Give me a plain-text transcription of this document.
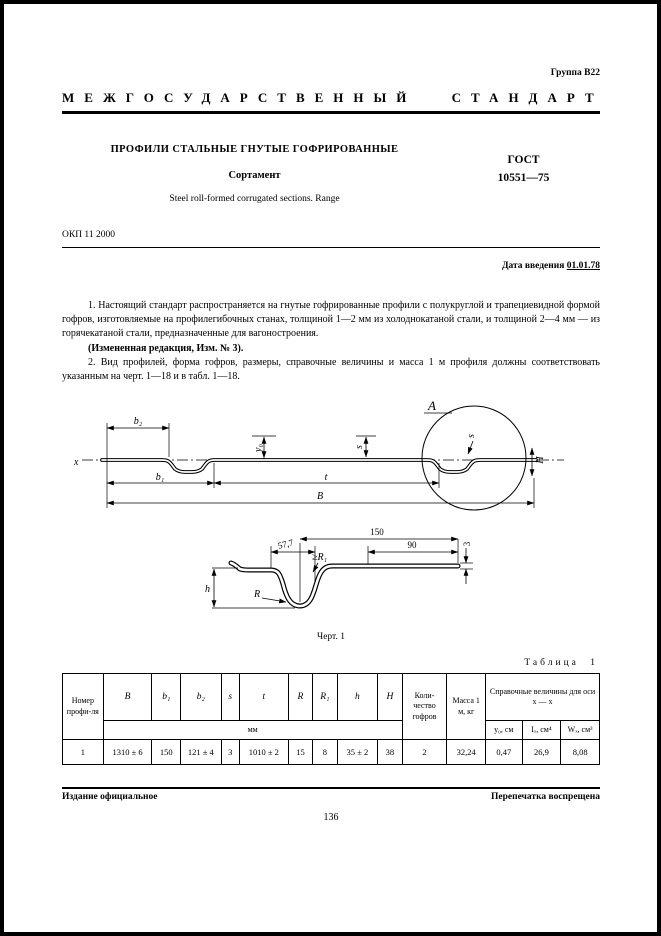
Группа В22
МЕЖГОСУДАРСТВЕННЫЙ СТАНДАРТ
ПРОФИЛИ СТАЛЬНЫЕ ГНУТЫЕ ГОФРИРОВАННЫЕ
Сортамент
Steel roll-formed corrugated sections. Range
ГОСТ
10551—75
ОКП 11 2000
Дата введения 01.01.78

1. Настоящий стандарт распространяется на гнутые гофрированные профили с полукруглой и трапециевидной формой гофров, изготовляемые на профилегибочных станах, толщиной 1—2 мм из холоднокатаной стали, и толщиной 2—4 мм — из горячекатаной стали, предназначенные для вагоностроения.

(Измененная редакция, Изм. № 3).

2. Вид профилей, форма гофров, размеры, справочные величины и масса 1 м профиля должны соответствовать указанным на черт. 1—18 и в табл. 1—18.

x
b₂
y₀	s
b₁	t
B
H
s
A
h
150
57,7	90	3
R
≥R₁
Черт. 1
Таблица 1
Номер профи-ля	B	b₁	b₂	s	t	R	R₁	h	H	Коли-чество гофров	Масса 1 м, кг	Справочные величины для оси x — x		
	мм											y₀, см	Iₓ, см⁴	Wₓ, см³
1	1310 ± 6	150	121 ± 4	3	1010 ± 2	15	8	35 ± 2	38	2	32,24	0,47	26,9	8,08
Издание официальное	Перепечатка воспрещена
136
